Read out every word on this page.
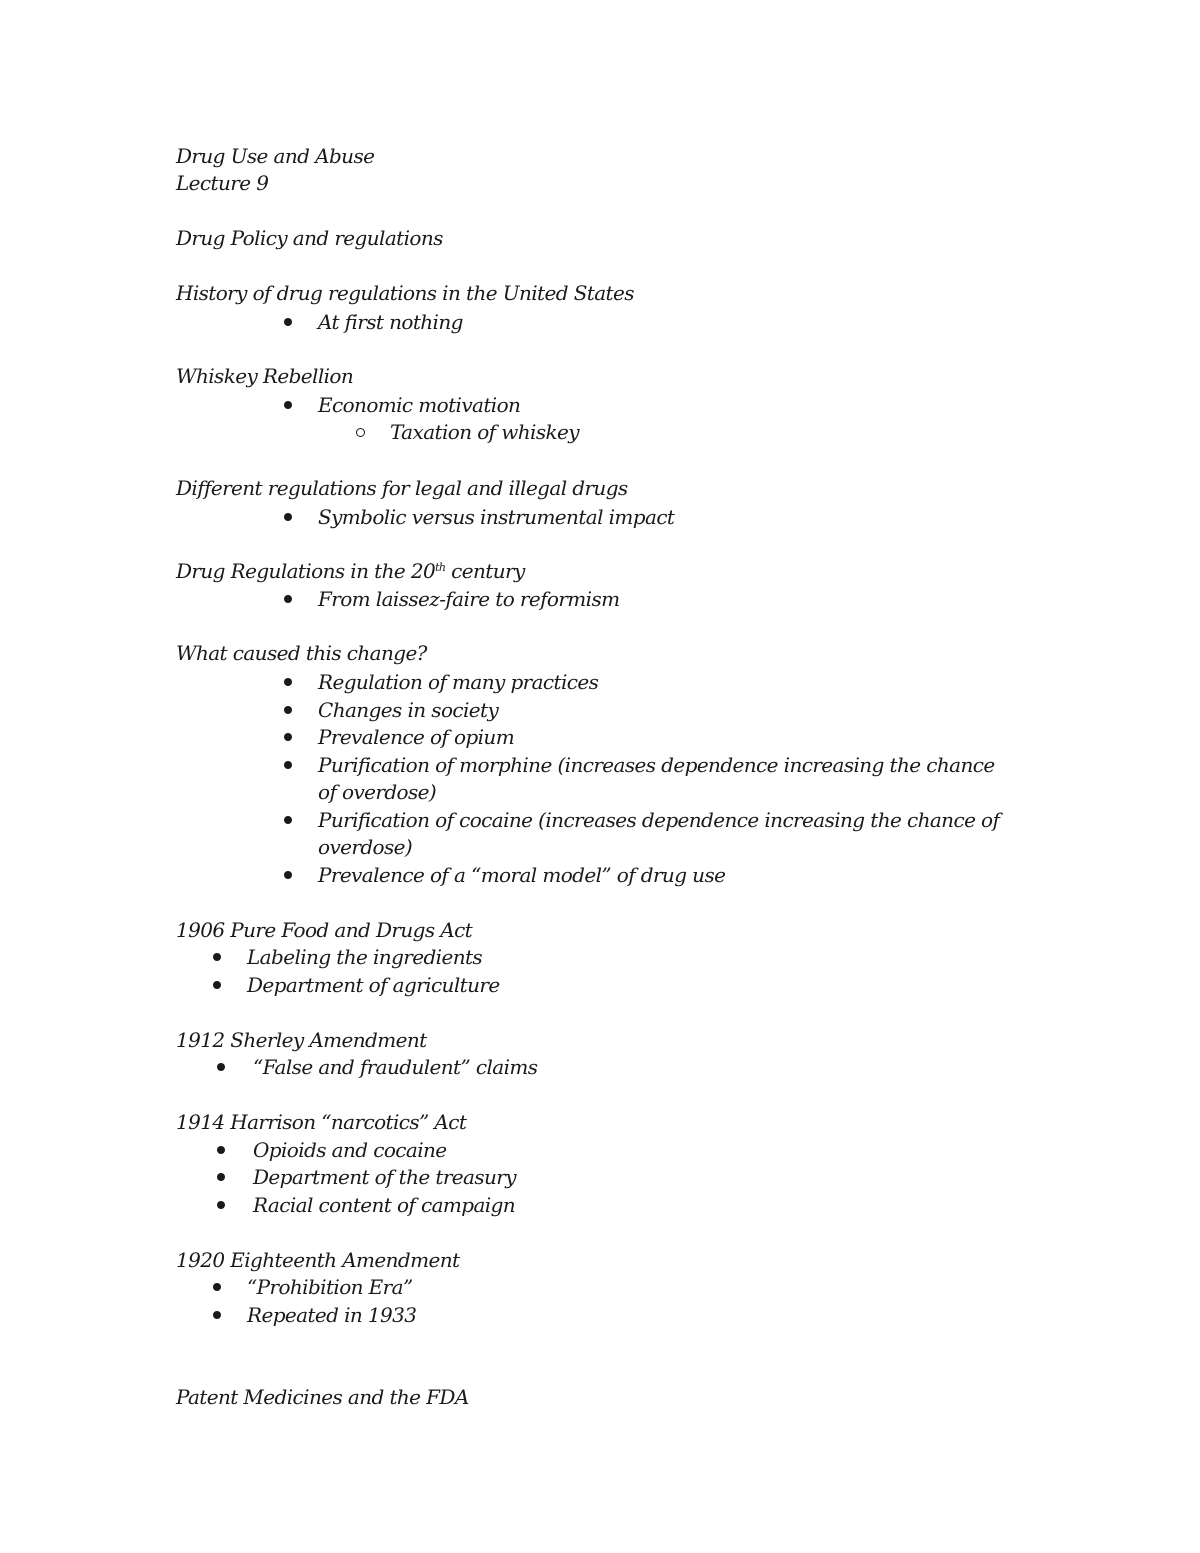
Drug Use and Abuse
Lecture 9
Drug Policy and regulations
History of drug regulations in the United States
At first nothing
Whiskey Rebellion
Economic motivation
Taxation of whiskey
Different regulations for legal and illegal drugs
Symbolic versus instrumental impact
Drug Regulations in the 20th century
From laissez-faire to reformism
What caused this change?
Regulation of many practices
Changes in society
Prevalence of opium
Purification of morphine (increases dependence increasing the chance
of overdose)
Purification of cocaine (increases dependence increasing the chance of
overdose)
Prevalence of a “moral model” of drug use
1906 Pure Food and Drugs Act
Labeling the ingredients
Department of agriculture
1912 Sherley Amendment
“False and fraudulent” claims
1914 Harrison “narcotics” Act
Opioids and cocaine
Department of the treasury
Racial content of campaign
1920 Eighteenth Amendment
“Prohibition Era”
Repeated in 1933
Patent Medicines and the FDA
